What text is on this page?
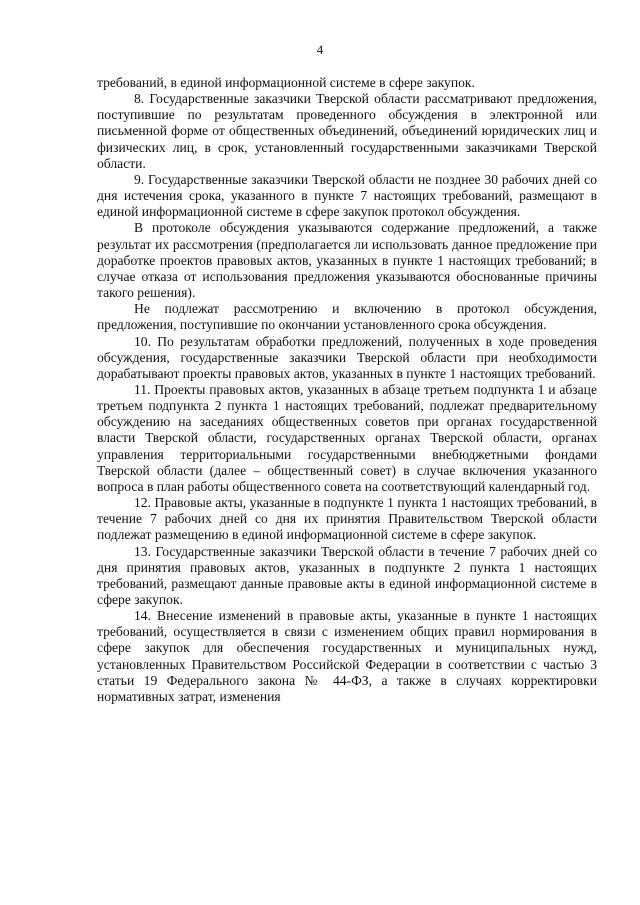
4

требований, в единой информационной системе в сфере закупок.

8. Государственные заказчики Тверской области рассматривают предложения, поступившие по результатам проведенного обсуждения в электронной или письменной форме от общественных объединений, объединений юридических лиц и физических лиц, в срок, установленный государственными заказчиками Тверской области.

9. Государственные заказчики Тверской области не позднее 30 рабочих дней со дня истечения срока, указанного в пункте 7 настоящих требований, размещают в единой информационной системе в сфере закупок протокол обсуждения.

В протоколе обсуждения указываются содержание предложений, а также результат их рассмотрения (предполагается ли использовать данное предложение при доработке проектов правовых актов, указанных в пункте 1 настоящих требований; в случае отказа от использования предложения указываются обоснованные причины такого решения).

Не подлежат рассмотрению и включению в протокол обсуждения, предложения, поступившие по окончании установленного срока обсуждения.

10. По результатам обработки предложений, полученных в ходе проведения обсуждения, государственные заказчики Тверской области при необходимости дорабатывают проекты правовых актов, указанных в пункте 1 настоящих требований.

11. Проекты правовых актов, указанных в абзаце третьем подпункта 1 и абзаце третьем подпункта 2 пункта 1 настоящих требований, подлежат предварительному обсуждению на заседаниях общественных советов при органах государственной власти Тверской области, государственных органах Тверской области, органах управления территориальными государственными внебюджетными фондами Тверской области (далее – общественный совет) в случае включения указанного вопроса в план работы общественного совета на соответствующий календарный год.

12. Правовые акты, указанные в подпункте 1 пункта 1 настоящих требований, в течение 7 рабочих дней со дня их принятия Правительством Тверской области подлежат размещению в единой информационной системе в сфере закупок.

13. Государственные заказчики Тверской области в течение 7 рабочих дней со дня принятия правовых актов, указанных в подпункте 2 пункта 1 настоящих требований, размещают данные правовые акты в единой информационной системе в сфере закупок.

14. Внесение изменений в правовые акты, указанные в пункте 1 настоящих требований, осуществляется в связи с изменением общих правил нормирования в сфере закупок для обеспечения государственных и муниципальных нужд, установленных Правительством Российской Федерации в соответствии с частью 3 статьи 19 Федерального закона № 44-ФЗ, а также в случаях корректировки нормативных затрат, изменения
